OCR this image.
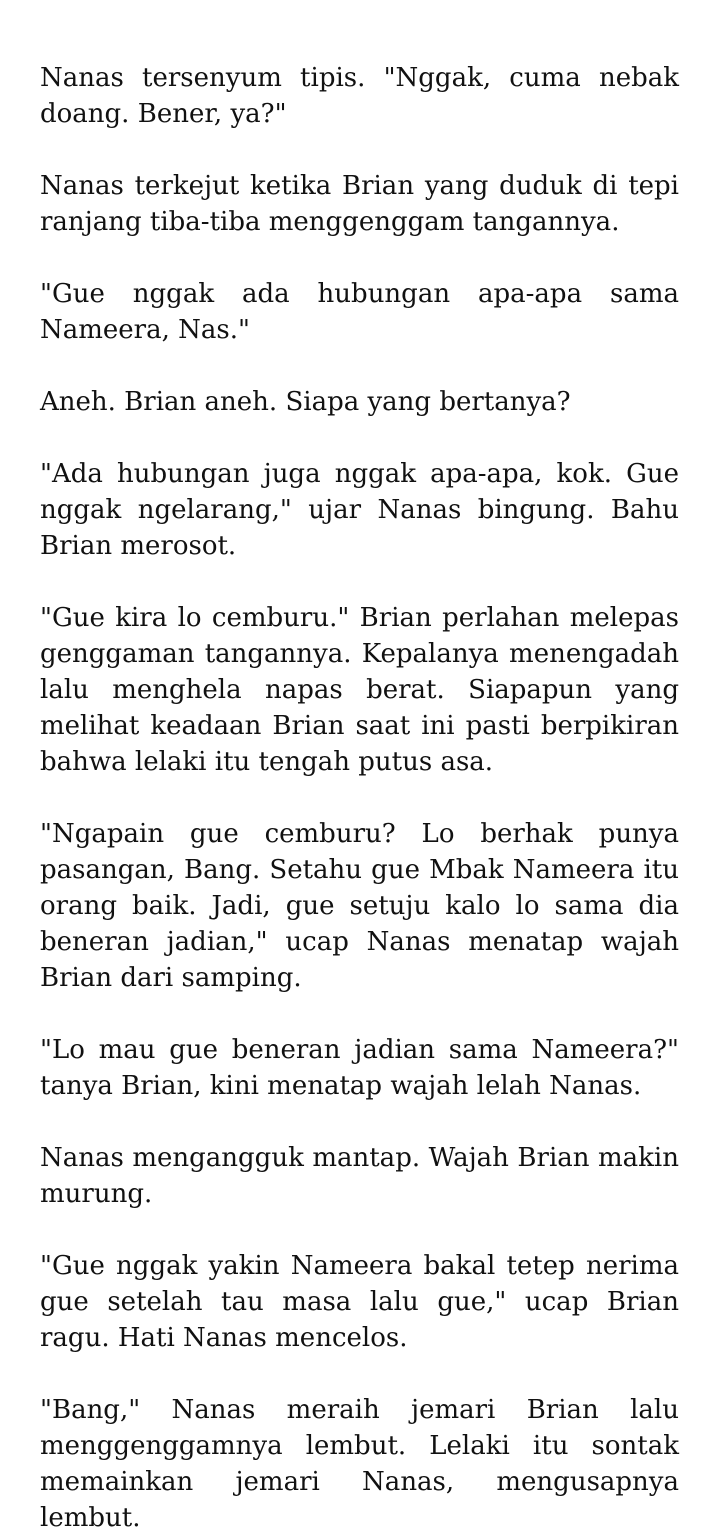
Nanas tersenyum tipis. "Nggak, cuma nebak doang. Bener, ya?"

Nanas terkejut ketika Brian yang duduk di tepi ranjang tiba-tiba menggenggam tangannya.

"Gue nggak ada hubungan apa-apa sama Nameera, Nas."

Aneh. Brian aneh. Siapa yang bertanya?

"Ada hubungan juga nggak apa-apa, kok. Gue nggak ngelarang," ujar Nanas bingung. Bahu Brian merosot.

"Gue kira lo cemburu." Brian perlahan melepas genggaman tangannya. Kepalanya menengadah lalu menghela napas berat. Siapapun yang melihat keadaan Brian saat ini pasti berpikiran bahwa lelaki itu tengah putus asa.

"Ngapain gue cemburu? Lo berhak punya pasangan, Bang. Setahu gue Mbak Nameera itu orang baik. Jadi, gue setuju kalo lo sama dia beneran jadian," ucap Nanas menatap wajah Brian dari samping.

"Lo mau gue beneran jadian sama Nameera?" tanya Brian, kini menatap wajah lelah Nanas.

Nanas mengangguk mantap. Wajah Brian makin murung.

"Gue nggak yakin Nameera bakal tetep nerima gue setelah tau masa lalu gue," ucap Brian ragu. Hati Nanas mencelos.

"Bang," Nanas meraih jemari Brian lalu menggenggamnya lembut. Lelaki itu sontak memainkan jemari Nanas, mengusapnya lembut.
